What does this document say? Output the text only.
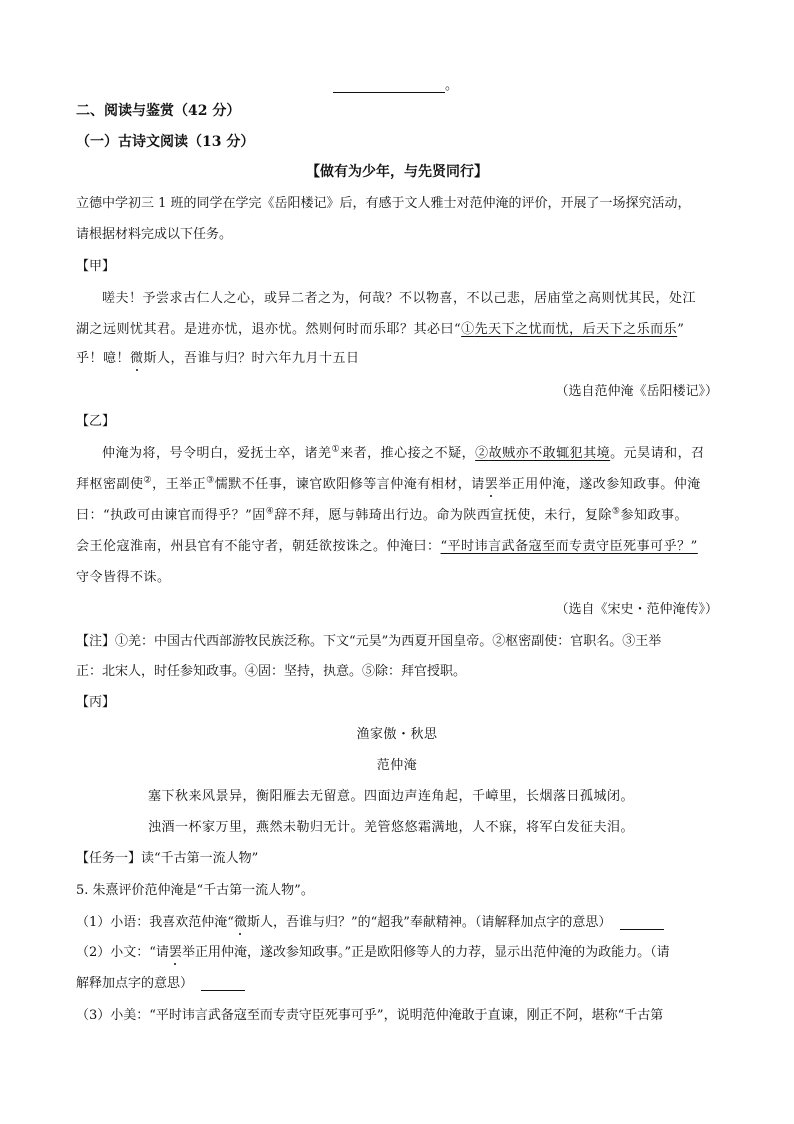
。
二、阅读与鉴赏（42 分）
（一）古诗文阅读（13 分）
【做有为少年，与先贤同行】
立德中学初三 1 班的同学在学完《岳阳楼记》后，有感于文人雅士对范仲淹的评价，开展了一场探究活动，
请根据材料完成以下任务。
【甲】
嗟夫！予尝求古仁人之心，或异二者之为，何哉？不以物喜，不以己悲，居庙堂之高则忧其民，处江
湖之远则忧其君。是进亦忧，退亦忧。然则何时而乐耶？其必曰“①先天下之忧而忧，后天下之乐而乐”
乎！噫！微斯人，吾谁与归？时六年九月十五日
（选自范仲淹《岳阳楼记》）
【乙】
仲淹为将，号令明白，爱抚士卒，诸羌①来者，推心接之不疑，②故贼亦不敢辄犯其境。元昊请和，召
拜枢密副使②，王举正③懦默不任事，谏官欧阳修等言仲淹有相材，请罢举正用仲淹，遂改参知政事。仲淹
曰：“执政可由谏官而得乎？”固④辞不拜，愿与韩琦出行边。命为陕西宣抚使，未行，复除⑤参知政事。
会王伦寇淮南，州县官有不能守者，朝廷欲按诛之。仲淹曰：“平时讳言武备寇至而专责守臣死事可乎？”
守令皆得不诛。
（选自《宋史・范仲淹传》）
【注】①羌：中国古代西部游牧民族泛称。下文“元昊”为西夏开国皇帝。②枢密副使：官职名。③王举
正：北宋人，时任参知政事。④固：坚持，执意。⑤除：拜官授职。
【丙】
渔家傲・秋思
范仲淹
塞下秋来风景异，衡阳雁去无留意。四面边声连角起，千嶂里，长烟落日孤城闭。
浊酒一杯家万里，燕然未勒归无计。羌管悠悠霜满地，人不寐，将军白发征夫泪。
【任务一】读“千古第一流人物”
5. 朱熹评价范仲淹是“千古第一流人物”。
（1）小语：我喜欢范仲淹“微斯人，吾谁与归？”的“超我”奉献精神。（请解释加点字的意思）
（2）小文：“请罢举正用仲淹，遂改参知政事。”正是欧阳修等人的力荐，显示出范仲淹的为政能力。（请
解释加点字的意思）
（3）小美：“平时讳言武备寇至而专责守臣死事可乎”，说明范仲淹敢于直谏，刚正不阿，堪称“千古第
